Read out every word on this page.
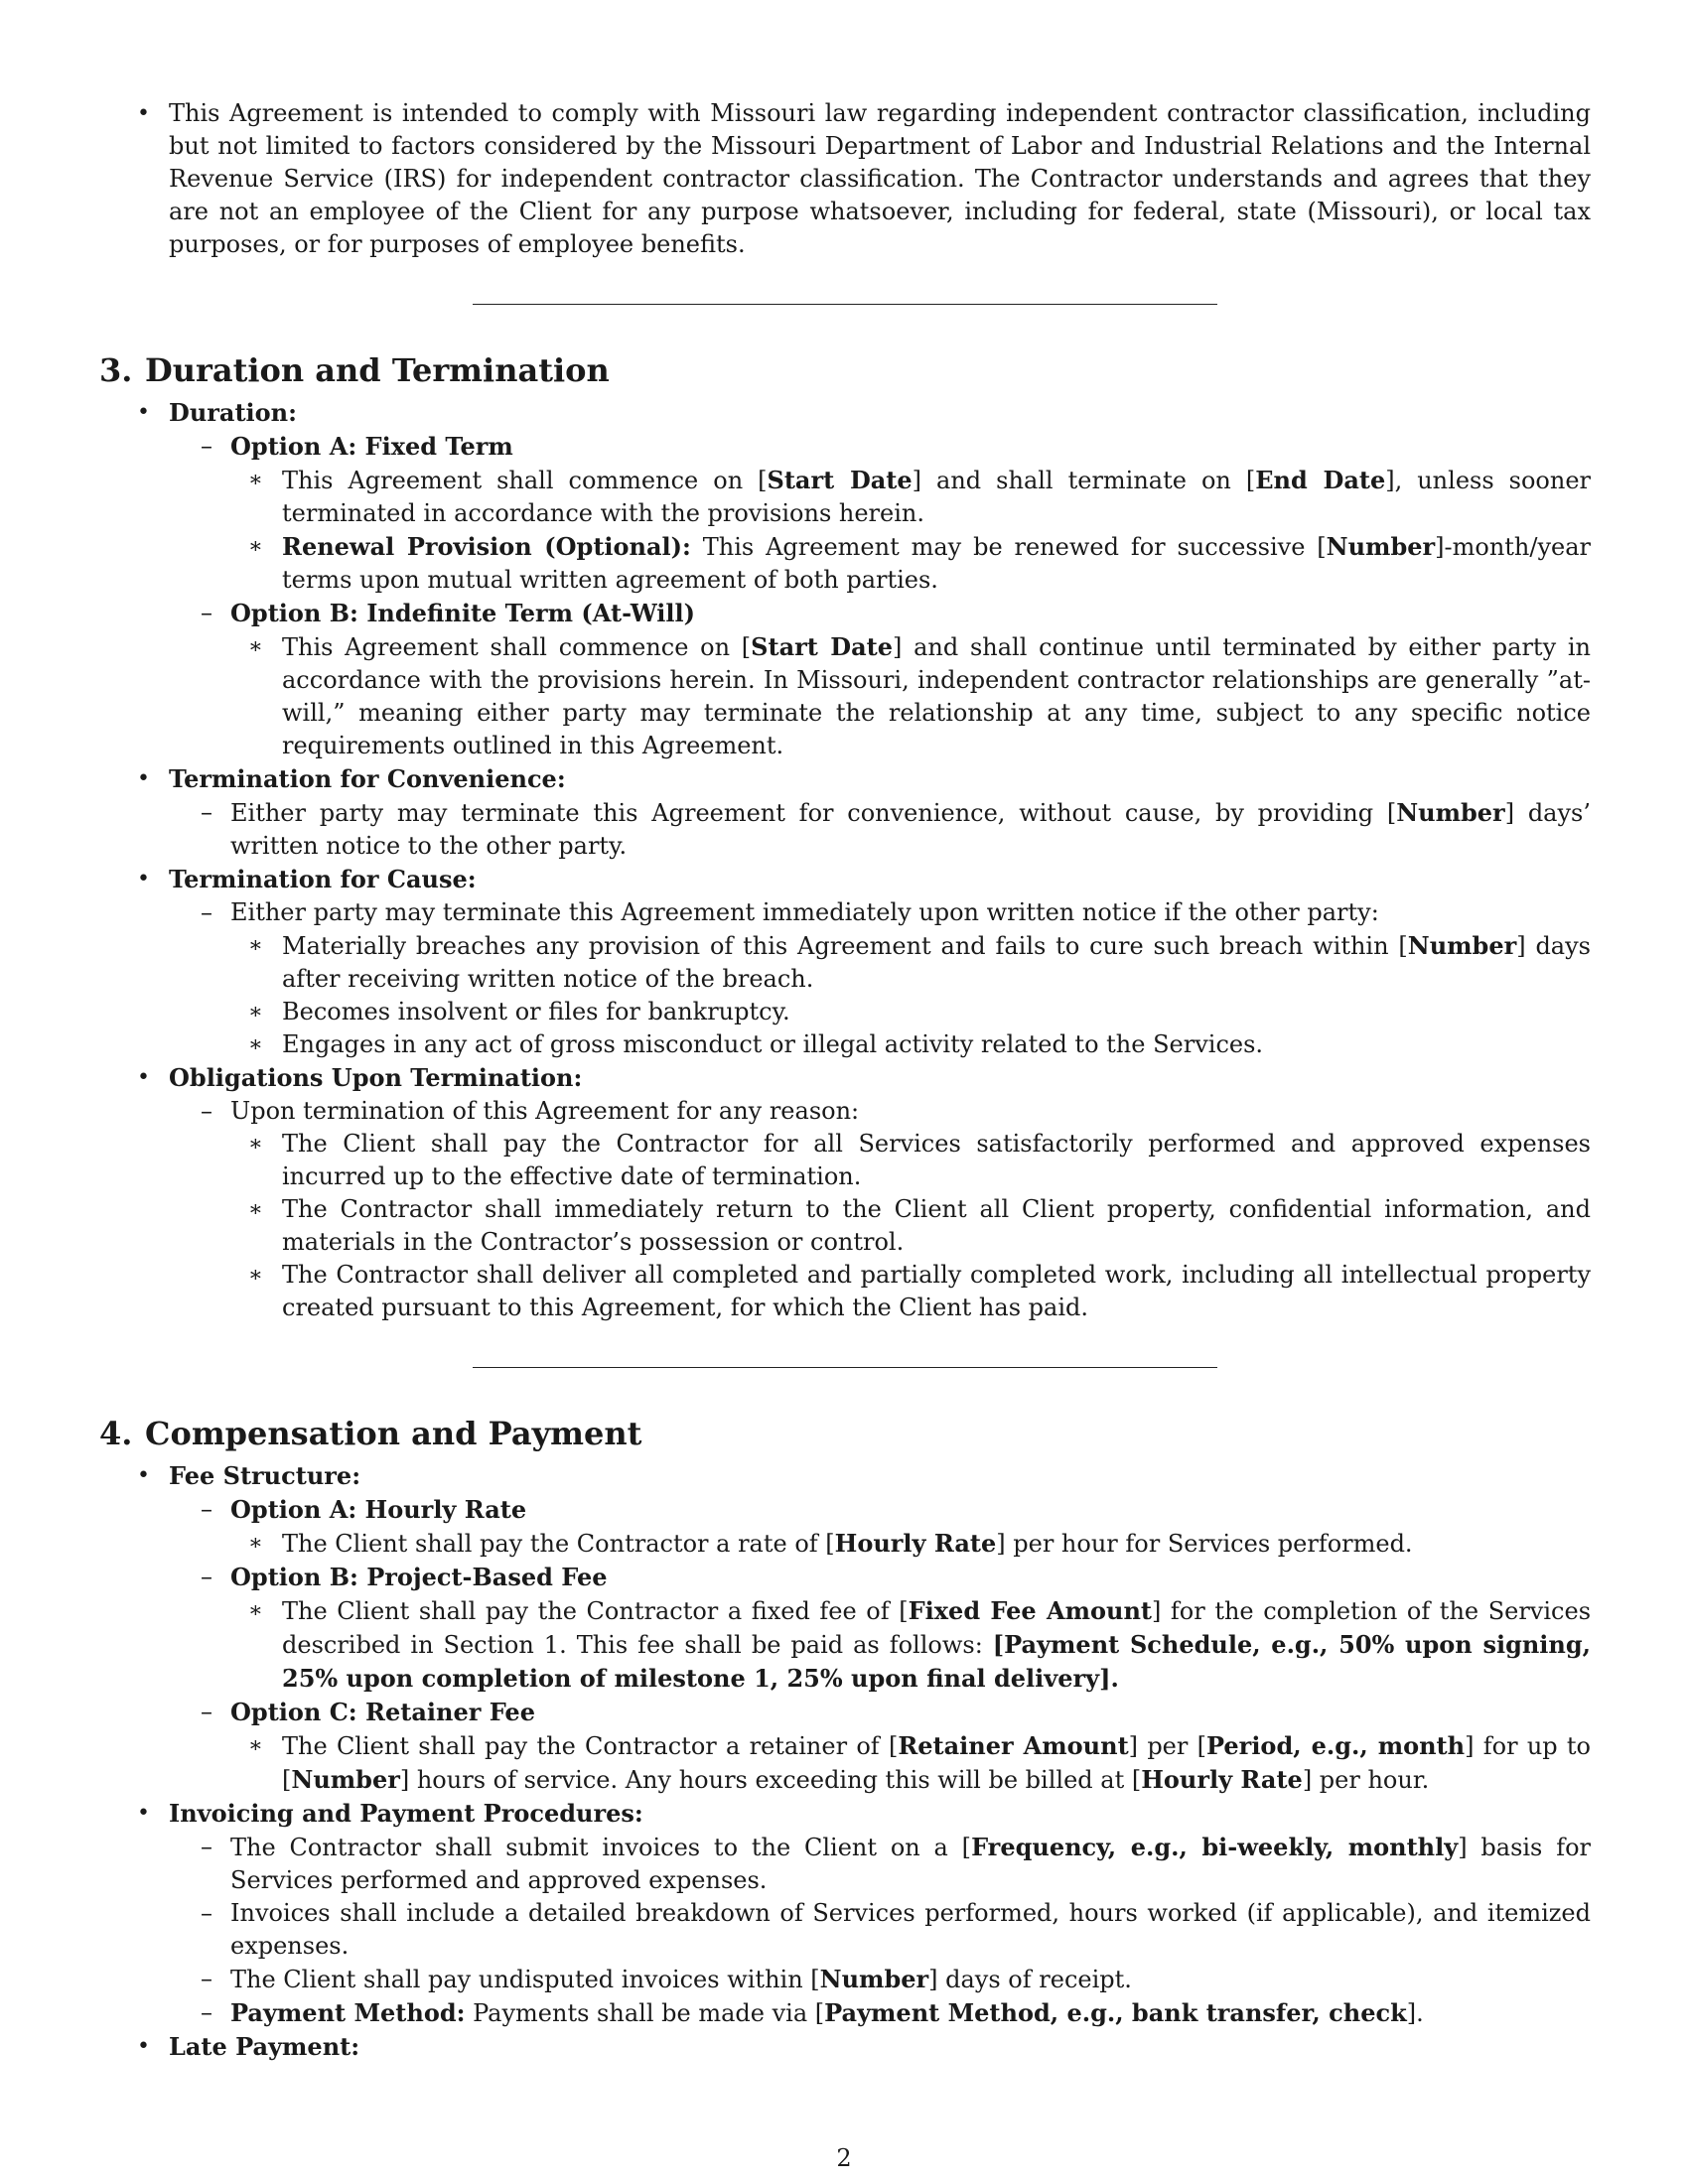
• This Agreement is intended to comply with Missouri law regarding independent contractor classification, including but not limited to factors considered by the Missouri Department of Labor and Industrial Relations and the Internal Revenue Service (IRS) for independent contractor classification. The Contractor understands and agrees that they are not an employee of the Client for any purpose whatsoever, including for federal, state (Missouri), or local tax purposes, or for purposes of employee benefits.

3. Duration and Termination
• Duration:
– Option A: Fixed Term

∗ This Agreement shall commence on [Start Date] and shall terminate on [End Date], unless sooner terminated in accordance with the provisions herein.

∗ Renewal Provision (Optional): This Agreement may be renewed for successive [Number]-month/year terms upon mutual written agreement of both parties.

– Option B: Indefinite Term (At-Will)

∗ This Agreement shall commence on [Start Date] and shall continue until terminated by either party in accordance with the provisions herein. In Missouri, independent contractor relationships are generally ”at-will,” meaning either party may terminate the relationship at any time, subject to any specific notice requirements outlined in this Agreement.

• Termination for Convenience:

– Either party may terminate this Agreement for convenience, without cause, by providing [Number] days’ written notice to the other party.

• Termination for Cause:

– Either party may terminate this Agreement immediately upon written notice if the other party:

∗ Materially breaches any provision of this Agreement and fails to cure such breach within [Number] days after receiving written notice of the breach.

∗ Becomes insolvent or files for bankruptcy.

∗ Engages in any act of gross misconduct or illegal activity related to the Services.

• Obligations Upon Termination:

– Upon termination of this Agreement for any reason:

∗ The Client shall pay the Contractor for all Services satisfactorily performed and approved expenses incurred up to the effective date of termination.

∗ The Contractor shall immediately return to the Client all Client property, confidential information, and materials in the Contractor’s possession or control.

∗ The Contractor shall deliver all completed and partially completed work, including all intellectual property created pursuant to this Agreement, for which the Client has paid.

4. Compensation and Payment
• Fee Structure:
– Option A: Hourly Rate

∗ The Client shall pay the Contractor a rate of [Hourly Rate] per hour for Services performed.

– Option B: Project-Based Fee

∗ The Client shall pay the Contractor a fixed fee of [Fixed Fee Amount] for the completion of the Services described in Section 1. This fee shall be paid as follows: [Payment Schedule, e.g., 50% upon signing, 25% upon completion of milestone 1, 25% upon final delivery].

– Option C: Retainer Fee

∗ The Client shall pay the Contractor a retainer of [Retainer Amount] per [Period, e.g., month] for up to [Number] hours of service. Any hours exceeding this will be billed at [Hourly Rate] per hour.

• Invoicing and Payment Procedures:

– The Contractor shall submit invoices to the Client on a [Frequency, e.g., bi-weekly, monthly] basis for Services performed and approved expenses.

– Invoices shall include a detailed breakdown of Services performed, hours worked (if applicable), and itemized expenses.

– The Client shall pay undisputed invoices within [Number] days of receipt.

– Payment Method: Payments shall be made via [Payment Method, e.g., bank transfer, check].

• Late Payment:
2
